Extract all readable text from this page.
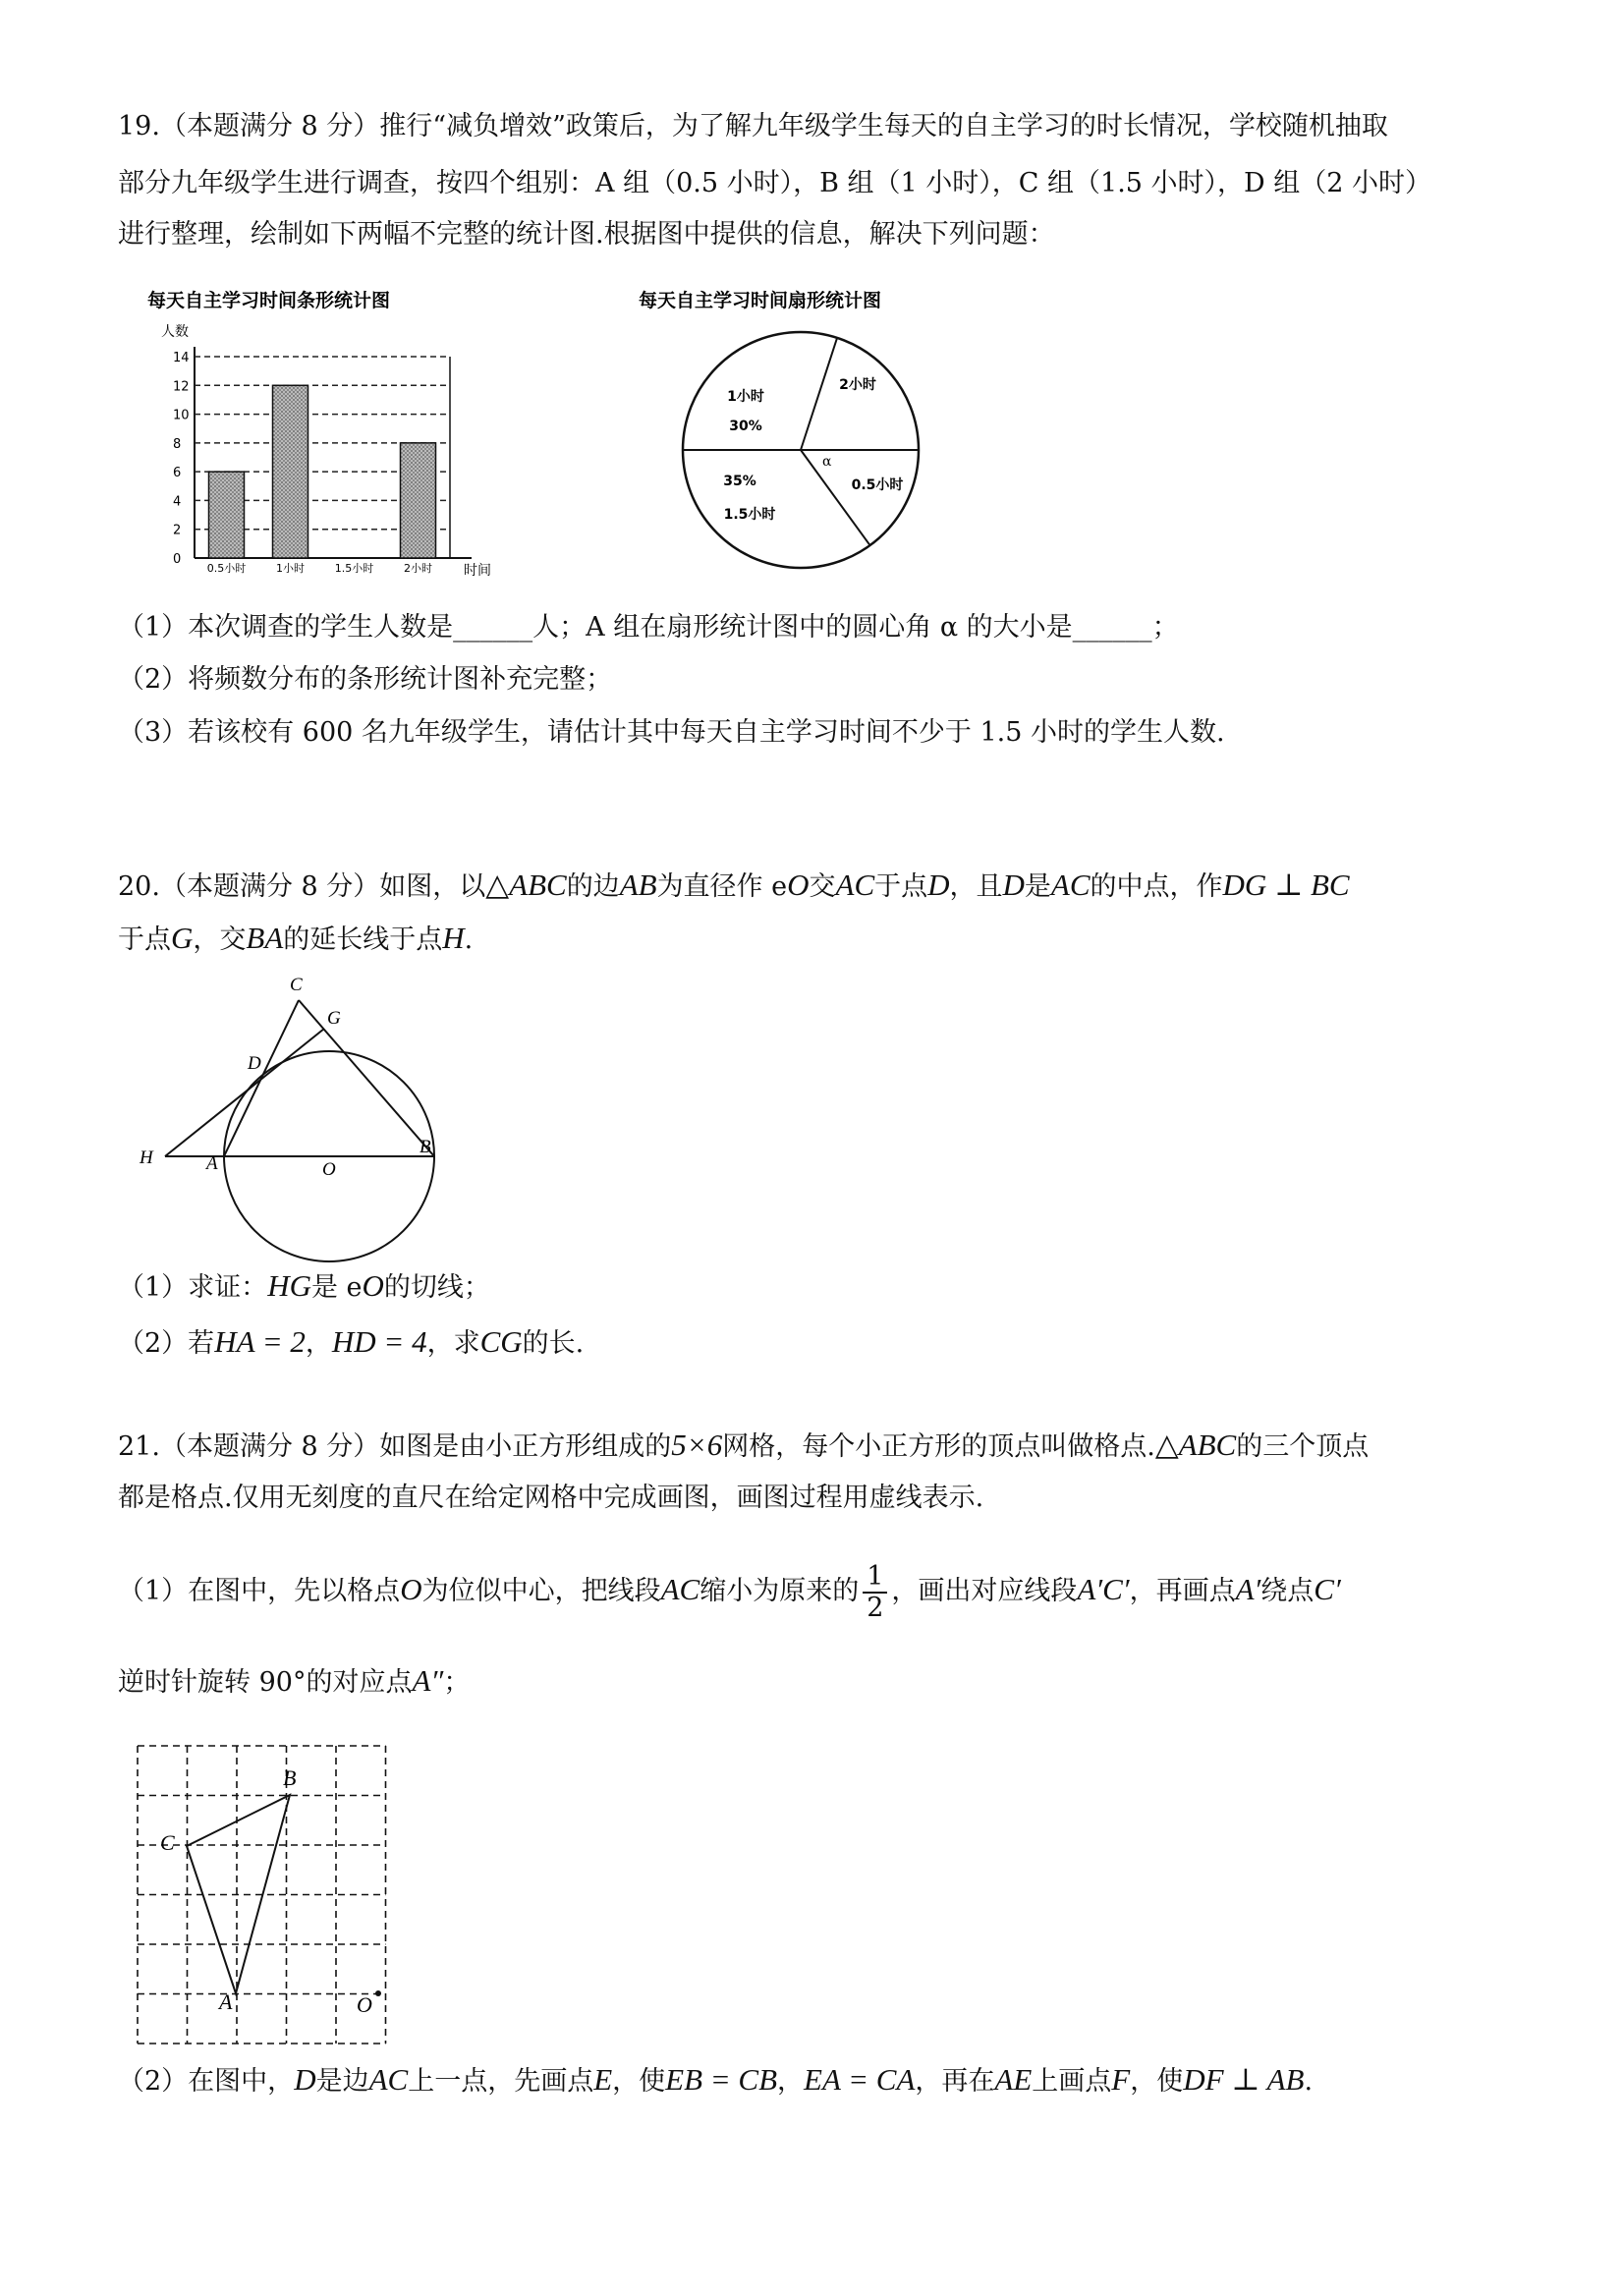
19.（本题满分 8 分）推行“减负增效”政策后，为了解九年级学生每天的自主学习的时长情况，学校随机抽取
部分九年级学生进行调查，按四个组别：A 组（0.5 小时），B 组（1 小时），C 组（1.5 小时），D 组（2 小时）
进行整理，绘制如下两幅不完整的统计图.根据图中提供的信息，解决下列问题：
每天自主学习时间条形统计图
人数
时间
0
2
4
6
8
10
12
14
0.5小时	1小时	1.5小时	2小时
每天自主学习时间扇形统计图
1小时
30%
2小时
0.5小时
1.5小时
35%
α
（1）本次调查的学生人数是______人；A 组在扇形统计图中的圆心角 α 的大小是______；
（2）将频数分布的条形统计图补充完整；
（3）若该校有 600 名九年级学生，请估计其中每天自主学习时间不少于 1.5 小时的学生人数.
20.（本题满分 8 分）如图，以△ABC的边AB为直径作 eO交AC于点D，且D是AC的中点，作DG ⊥ BC
于点G，交BA的延长线于点H.
C
G
D
H	A	O
B
（1）求证：HG是 eO的切线；
（2）若HA = 2，HD = 4，求CG的长.
21.（本题满分 8 分）如图是由小正方形组成的5×6网格，每个小正方形的顶点叫做格点.△ABC的三个顶点
都是格点.仅用无刻度的直尺在给定网格中完成画图，画图过程用虚线表示.
（1）在图中，先以格点O为位似中心，把线段AC缩小为原来的 $\frac{1}{2}$ ，画出对应线段A′C′，再画点A′绕点C′
逆时针旋转 90°的对应点A″；
B
C
A	O
（2）在图中，D是边AC上一点，先画点E，使EB = CB，EA = CA，再在AE上画点F，使DF ⊥ AB.
